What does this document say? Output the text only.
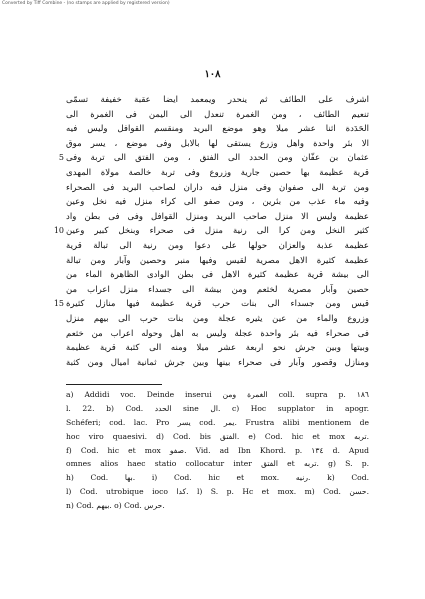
Converted by Tiff Combine - (no stamps are applied by registered version)
١٠٨
اشرف على الطائف ثم ينحدر ويمعمد ايضا عقبة خفيفة تسمّى
تنعيم الطائف ، ومن الغمرة تنعدل الى اليمن فى الغمرة الى
الحَدَدة اثنا عشر ميلا وهو موضع البريد ومنقسم القوافل وليس فيه
الا بئر واحدة واهل وزرع يستقى لها بالابل وفى موضع ، يسر موق
عثمان بن عفّان ومن الحدد الى الفتق ، ومن الفتق الى تربة وفى
قرية عظيمة بها حصين جارية وزروع وفى تربة خالصة مولاة المهدى
ومن تربة الى صفوان وفى منزل فيه داران لصاحب البريد فى الصحراء
وفيه ماء عذب من بئرين ، ومن صفو الى كراء منزل فيه نخل وعين
عظيمة وليس الا منزل صاحب البريد ومنزل القوافل وفى فى بطن واد
كثير النخل ومن كرا الى رنية منزل فى صحراء وبنخل كبير وعين
عظيمة عذبة والعزان حولها على دعوا ومن رنية الى تبالة قرية
عظيمة كثيرة الاهل مصرية لقيس وفيها منبر وحصين وآبار ومن تبالة
الى بيشة قرية عظيمة كثيرة الاهل فى بطن الوادى الظاهرة الماء من
حصين وآبار مصرية لخثعم ومن بيشة الى جسداء منزل اعراب من
قيس ومن جسداء الى بنات حرب قرية عظيمة فيها منازل كثيرة
وزروع والماء من عين يثيره عجلة ومن بنات حرب الى بيهم منزل
فى صحراء فيه بئر واحدة عجلة وليس به اهل وحوله اعراب من خثعم
وبيتها وبين جرش نحو اربعة عشر ميلا ومنه الى كثبة قرية عظيمة
ومنازل وقصور وآبار فى صحراء بينها وبين جرش ثمانية اميال ومن كثبة
5
10
15
a) Addidi voc. Deinde inserui الغمرة ومن coll. supra p. ١٨٦
l. 22. b) Cod. الحدد sine ال. c) Hoc supplator in apogr.
Schéferi; cod. lac. Pro يسر cod. يمر. Frustra alibi mentionem de
hoc viro quaesivi. d) Cod. bis الفتق. e) Cod. hic et mox تربه.
f) Cod. hic et mox صفو. Vid. ad Ibn Khord. p. ١٣٤ d. Apud
omnes alios haec statio collocatur inter الفتق et تربه. g) S. p.
h) Cod. بها. i) Cod. hic et mox. رنيه. k) Cod.
l) Cod. utrobique ioco كدا. l) S. p. Hc et mox. m) Cod. حسن.
n) Cod. بيهم. o) Cod. حرس.
